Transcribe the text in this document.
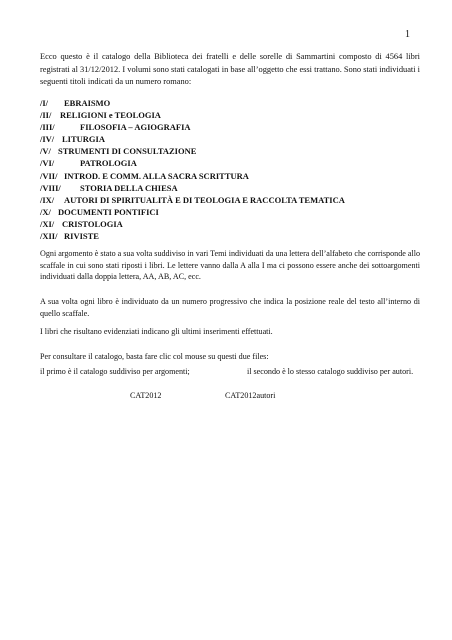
1

Ecco questo è il catalogo della Biblioteca dei fratelli e delle sorelle di Sammartini composto di 4564 libri registrati al 31/12/2012. I volumi sono stati catalogati in base all’oggetto che essi trattano. Sono stati individuati i seguenti titoli indicati da un numero romano:

/I/ EBRAISMO
/II/ RELIGIONI e TEOLOGIA
/III/	FILOSOFIA – AGIOGRAFIA
/IV/ LITURGIA
/V/ STRUMENTI DI CONSULTAZIONE
/VI/	PATROLOGIA
/VII/ INTROD. E COMM. ALLA SACRA SCRITTURA
/VIII/ STORIA DELLA CHIESA
/IX/ AUTORI DI SPIRITUALITÀ E DI TEOLOGIA E RACCOLTA TEMATICA
/X/ DOCUMENTI PONTIFICI
/XI/ CRISTOLOGIA
/XII/ RIVISTE

Ogni argomento è stato a sua volta suddiviso in vari Temi individuati da una lettera dell’alfabeto che corrisponde allo scaffale in cui sono stati riposti i libri. Le lettere vanno dalla A alla I ma ci possono essere anche dei sottoargomenti individuati dalla doppia lettera, AA, AB, AC, ecc.

A sua volta ogni libro è individuato da un numero progressivo che indica la posizione reale del testo all’interno di quello scaffale.

I libri che risultano evidenziati indicano gli ultimi inserimenti effettuati.

Per consultare il catalogo, basta fare clic col mouse su questi due files:

il primo è il catalogo suddiviso per argomenti;	il secondo è lo stesso catalogo suddiviso per autori.
CAT2012	CAT2012autori
